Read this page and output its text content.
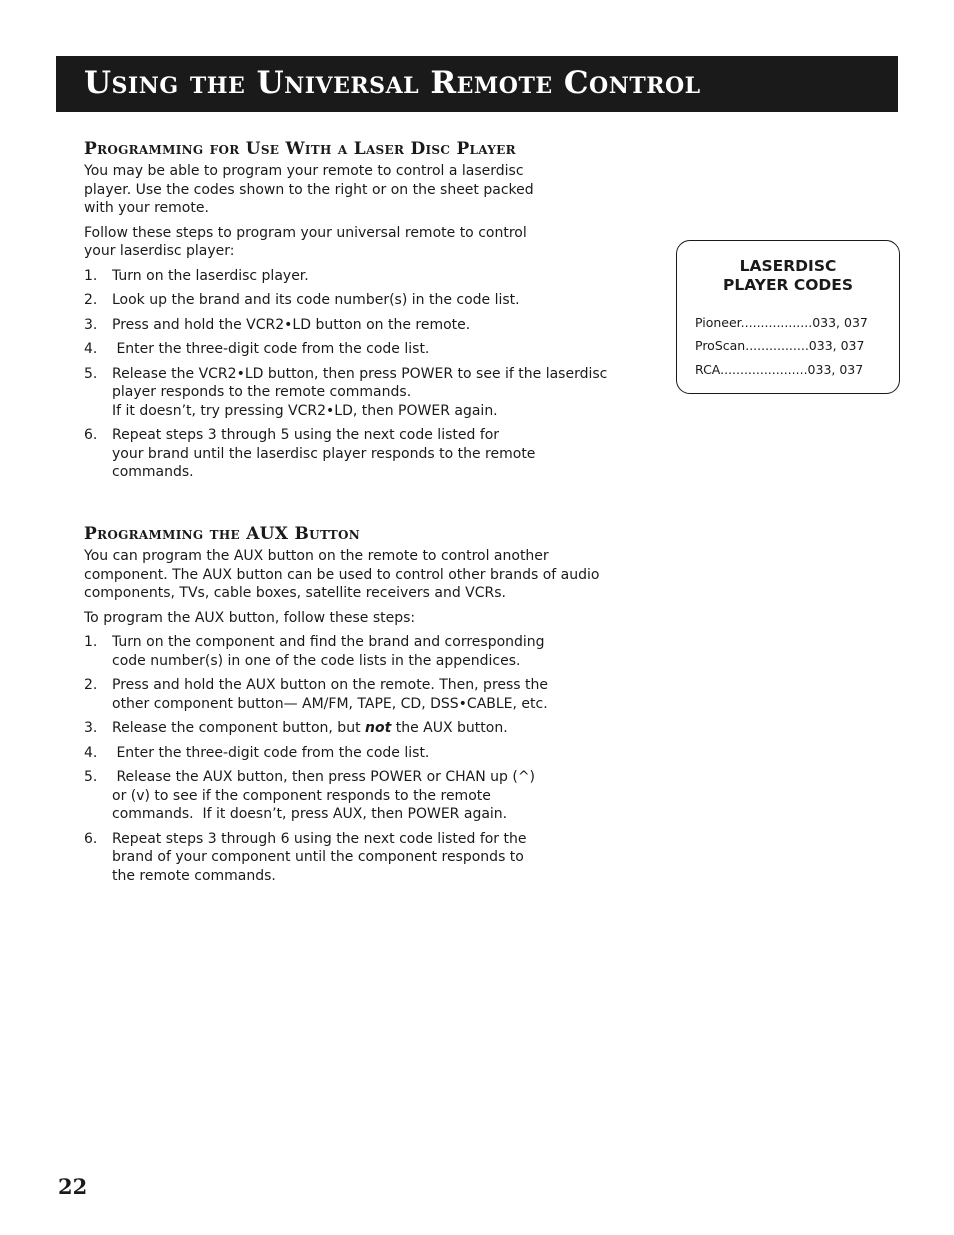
Using the Universal Remote Control
Programming for Use With a Laser Disc Player

You may be able to program your remote to control a laserdisc
player. Use the codes shown to the right or on the sheet packed
with your remote.

Follow these steps to program your universal remote to control
your laserdisc player:

1. Turn on the laserdisc player.
2. Look up the brand and its code number(s) in the code list.
3. Press and hold the VCR2•LD button on the remote.
4. Enter the three-digit code from the code list.
5. Release the VCR2•LD button, then press POWER to see if the laserdisc
player responds to the remote commands.
If it doesn’t, try pressing VCR2•LD, then POWER again.
6. Repeat steps 3 through 5 using the next code listed for
your brand until the laserdisc player responds to the remote
commands.
LASERDISC
PLAYER CODES
Pioneer..................033, 037
ProScan................033, 037
RCA......................033, 037
Programming the AUX Button

You can program the AUX button on the remote to control another
component. The AUX button can be used to control other brands of audio
components, TVs, cable boxes, satellite receivers and VCRs.

To program the AUX button, follow these steps:

1. Turn on the component and find the brand and corresponding
code number(s) in one of the code lists in the appendices.
2. Press and hold the AUX button on the remote. Then, press the
other component button— AM/FM, TAPE, CD, DSS•CABLE, etc.
3. Release the component button, but not the AUX button.
4. Enter the three-digit code from the code list.
5. Release the AUX button, then press POWER or CHAN up (^)
or (v) to see if the component responds to the remote
commands.  If it doesn’t, press AUX, then POWER again.
6. Repeat steps 3 through 6 using the next code listed for the
brand of your component until the component responds to
the remote commands.
22
